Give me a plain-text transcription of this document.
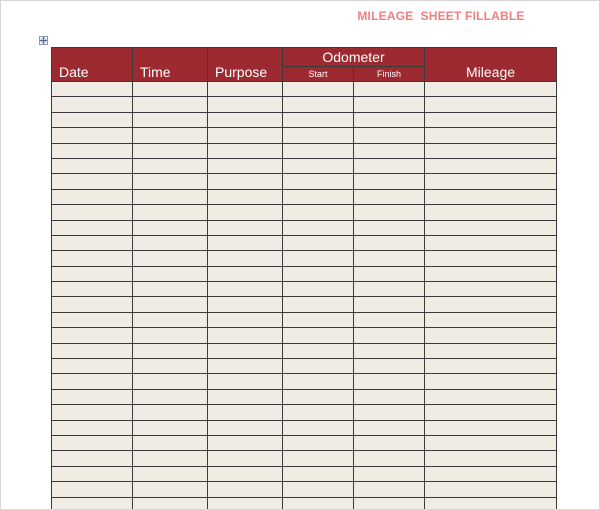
MILEAGE  SHEET FILLABLE
Date	Time	Purpose	Odometer		Mileage
			Start	Finish	
